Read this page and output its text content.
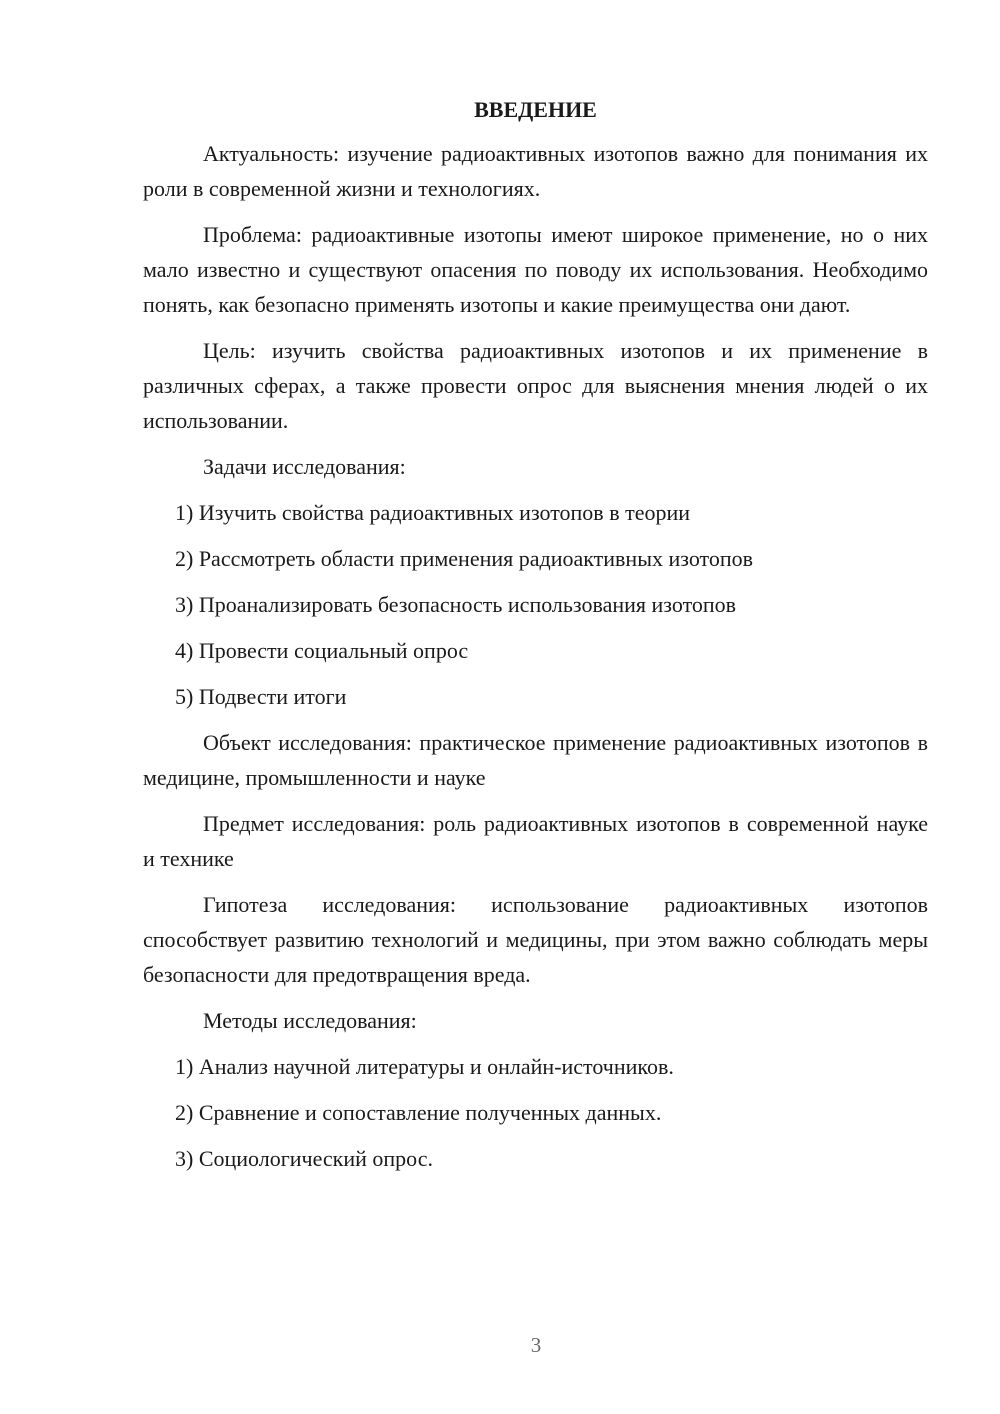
ВВЕДЕНИЕ

Актуальность: изучение радиоактивных изотопов важно для понимания их роли в современной жизни и технологиях.

Проблема: радиоактивные изотопы имеют широкое применение, но о них мало известно и существуют опасения по поводу их использования. Необходимо понять, как безопасно применять изотопы и какие преимущества они дают.

Цель: изучить свойства радиоактивных изотопов и их применение в различных сферах, а также провести опрос для выяснения мнения людей о их использовании.

Задачи исследования:

1) Изучить свойства радиоактивных изотопов в теории

2) Рассмотреть области применения радиоактивных изотопов

3) Проанализировать безопасность использования изотопов

4) Провести социальный опрос

5) Подвести итоги

Объект исследования: практическое применение радиоактивных изотопов в медицине, промышленности и науке

Предмет исследования: роль радиоактивных изотопов в современной науке и технике

Гипотеза исследования: использование радиоактивных изотопов способствует развитию технологий и медицины, при этом важно соблюдать меры безопасности для предотвращения вреда.

Методы исследования:

1) Анализ научной литературы и онлайн-источников.

2) Сравнение и сопоставление полученных данных.

3) Социологический опрос.

3
